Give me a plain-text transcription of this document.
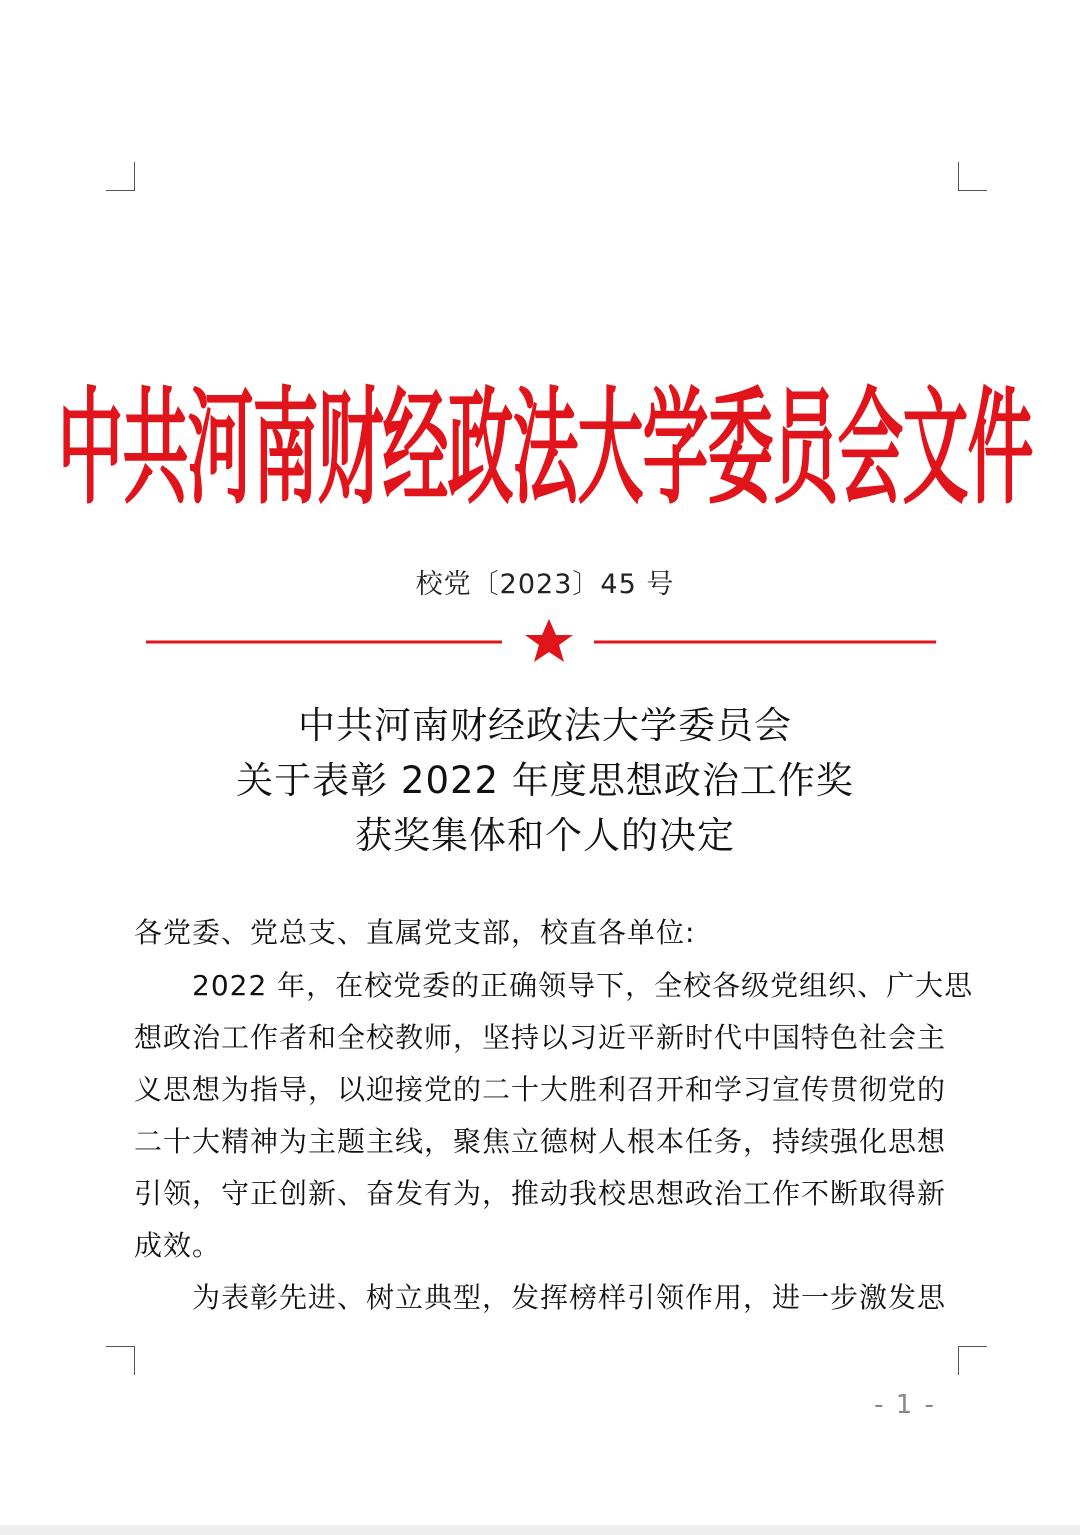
中共河南财经政法大学委员会文件
校党〔2023〕45 号
中共河南财经政法大学委员会
关于表彰 2022 年度思想政治工作奖
获奖集体和个人的决定
各党委、党总支、直属党支部，校直各单位:
2022 年，在校党委的正确领导下，全校各级党组织、广大思
想政治工作者和全校教师，坚持以习近平新时代中国特色社会主
义思想为指导，以迎接党的二十大胜利召开和学习宣传贯彻党的
二十大精神为主题主线，聚焦立德树人根本任务，持续强化思想
引领，守正创新、奋发有为，推动我校思想政治工作不断取得新
成效。
为表彰先进、树立典型，发挥榜样引领作用，进一步激发思
- 1 -
